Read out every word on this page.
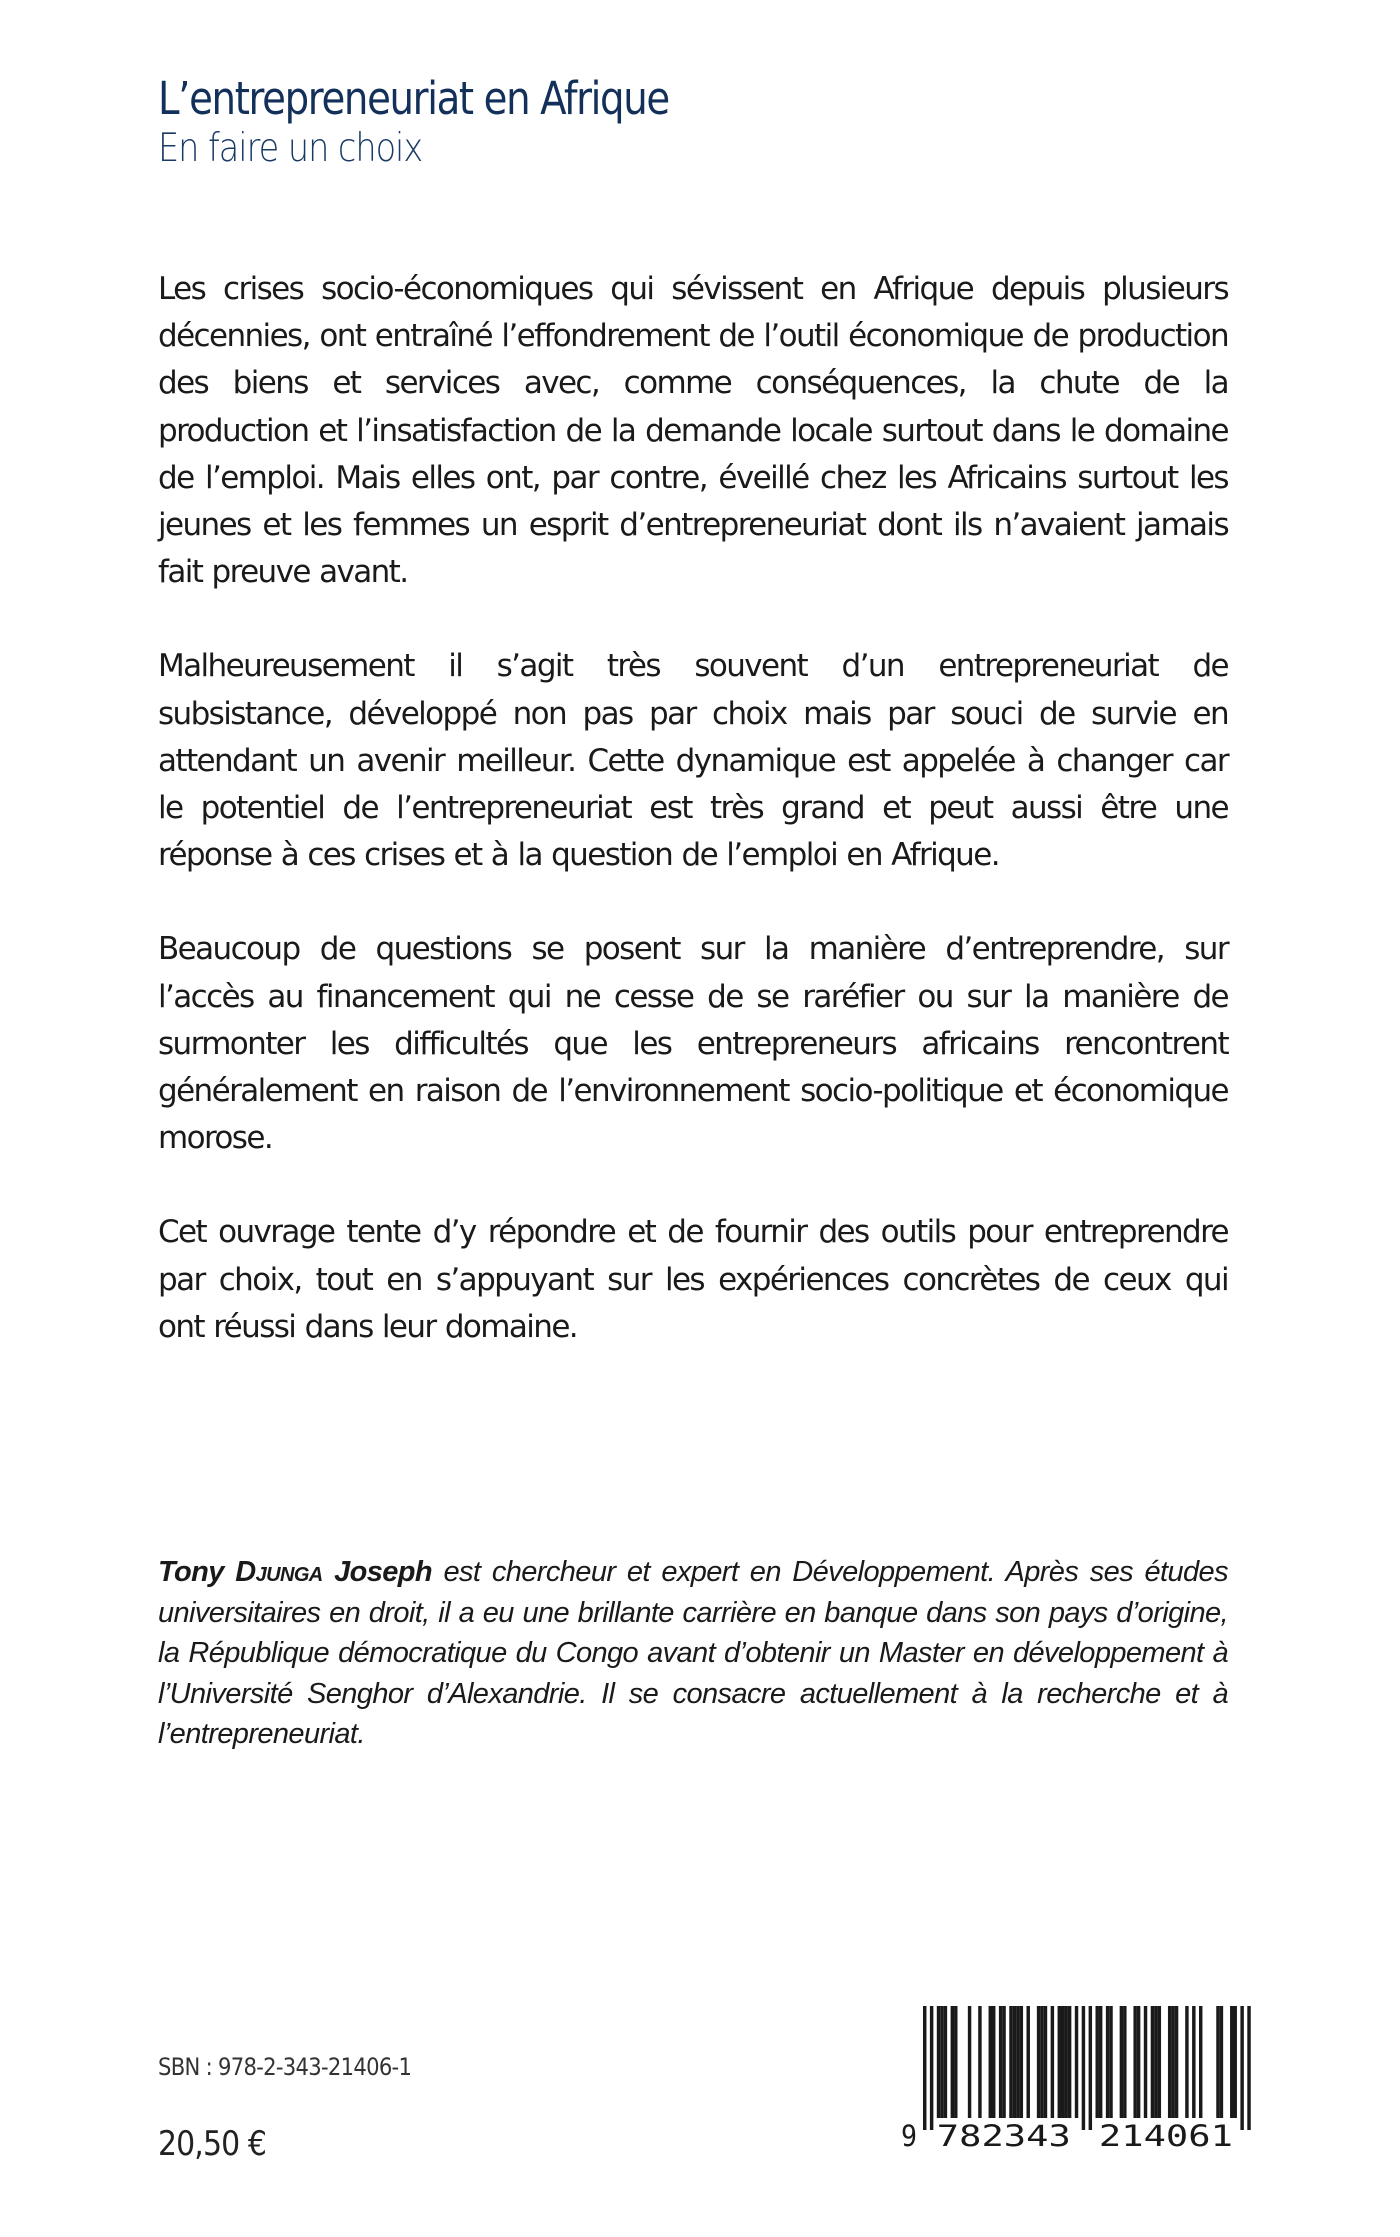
L’entrepreneuriat en Afrique
En faire un choix

Les crises socio-économiques qui sévissent en Afrique depuis plusieurs décennies, ont entraîné l’effondrement de l’outil économique de production des biens et services avec, comme conséquences, la chute de la production et l’insatisfaction de la demande locale surtout dans le domaine de l’emploi. Mais elles ont, par contre, éveillé chez les Africains surtout les jeunes et les femmes un esprit d’entrepreneuriat dont ils n’avaient jamais fait preuve avant.

Malheureusement il s’agit très souvent d’un entrepreneuriat de subsistance, développé non pas par choix mais par souci de survie en attendant un avenir meilleur. Cette dynamique est appelée à changer car le potentiel de l’entrepreneuriat est très grand et peut aussi être une réponse à ces crises et à la question de l’emploi en Afrique.

Beaucoup de questions se posent sur la manière d’entreprendre, sur l’accès au financement qui ne cesse de se raréfier ou sur la manière de surmonter les difficultés que les entrepreneurs africains rencontrent généralement en raison de l’environnement socio-politique et économique morose.

Cet ouvrage tente d’y répondre et de fournir des outils pour entreprendre par choix, tout en s’appuyant sur les expériences concrètes de ceux qui ont réussi dans leur domaine.

Tony Djunga Joseph est chercheur et expert en Développement. Après ses études universitaires en droit, il a eu une brillante carrière en banque dans son pays d’origine, la République démocratique du Congo avant d’obtenir un Master en développement à l’Université Senghor d’Alexandrie. Il se consacre actuellement à la recherche et à l’entrepreneuriat.
SBN : 978-2-343-21406-1
20,50 €	9 782343 214061
